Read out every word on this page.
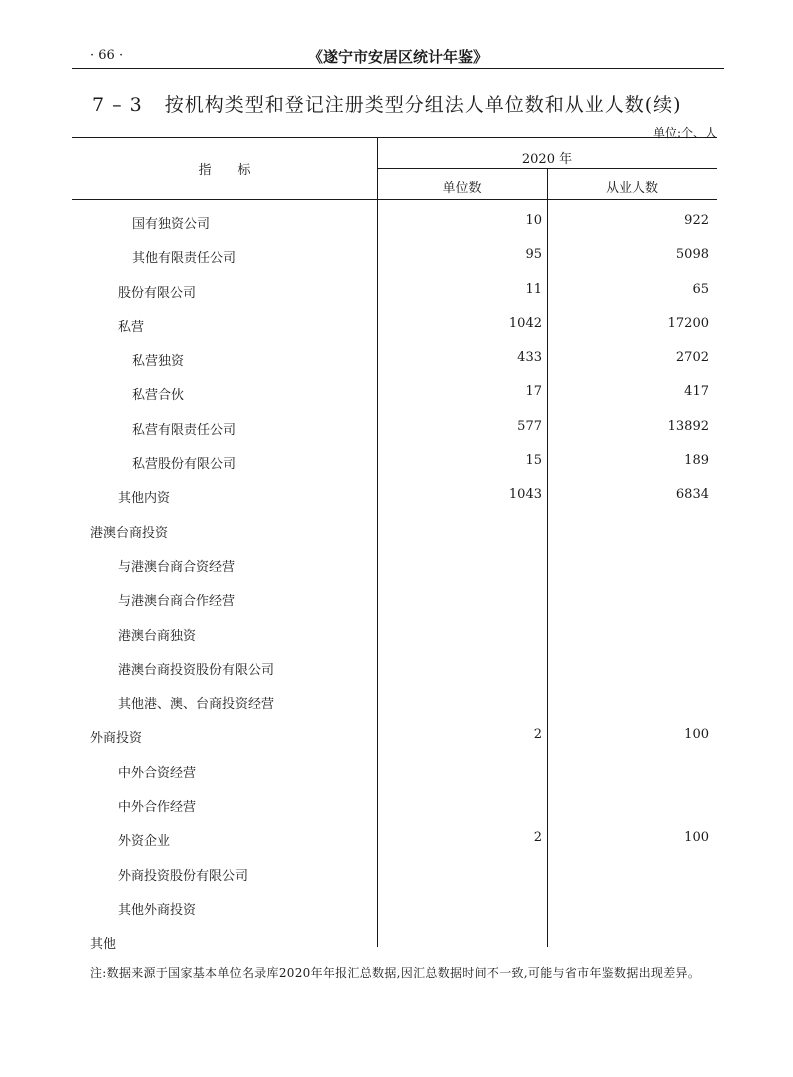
· 66 ·	《遂宁市安居区统计年鉴》
7 – 3 按机构类型和登记注册类型分组法人单位数和从业人数(续)
单位:个、人
指标
2020 年
单位数	从业人数
国有独资公司	10	922
其他有限责任公司	95	5098
股份有限公司	11	65
私营	1042	17200
私营独资	433	2702
私营合伙	17	417
私营有限责任公司	577	13892
私营股份有限公司	15	189
其他内资	1043	6834
港澳台商投资
与港澳台商合资经营
与港澳台商合作经营
港澳台商独资
港澳台商投资股份有限公司
其他港、澳、台商投资经营
外商投资	2	100
中外合资经营
中外合作经营
外资企业	2	100
外商投资股份有限公司
其他外商投资
其他
注:数据来源于国家基本单位名录库2020年年报汇总数据,因汇总数据时间不一致,可能与省市年鉴数据出现差异。
